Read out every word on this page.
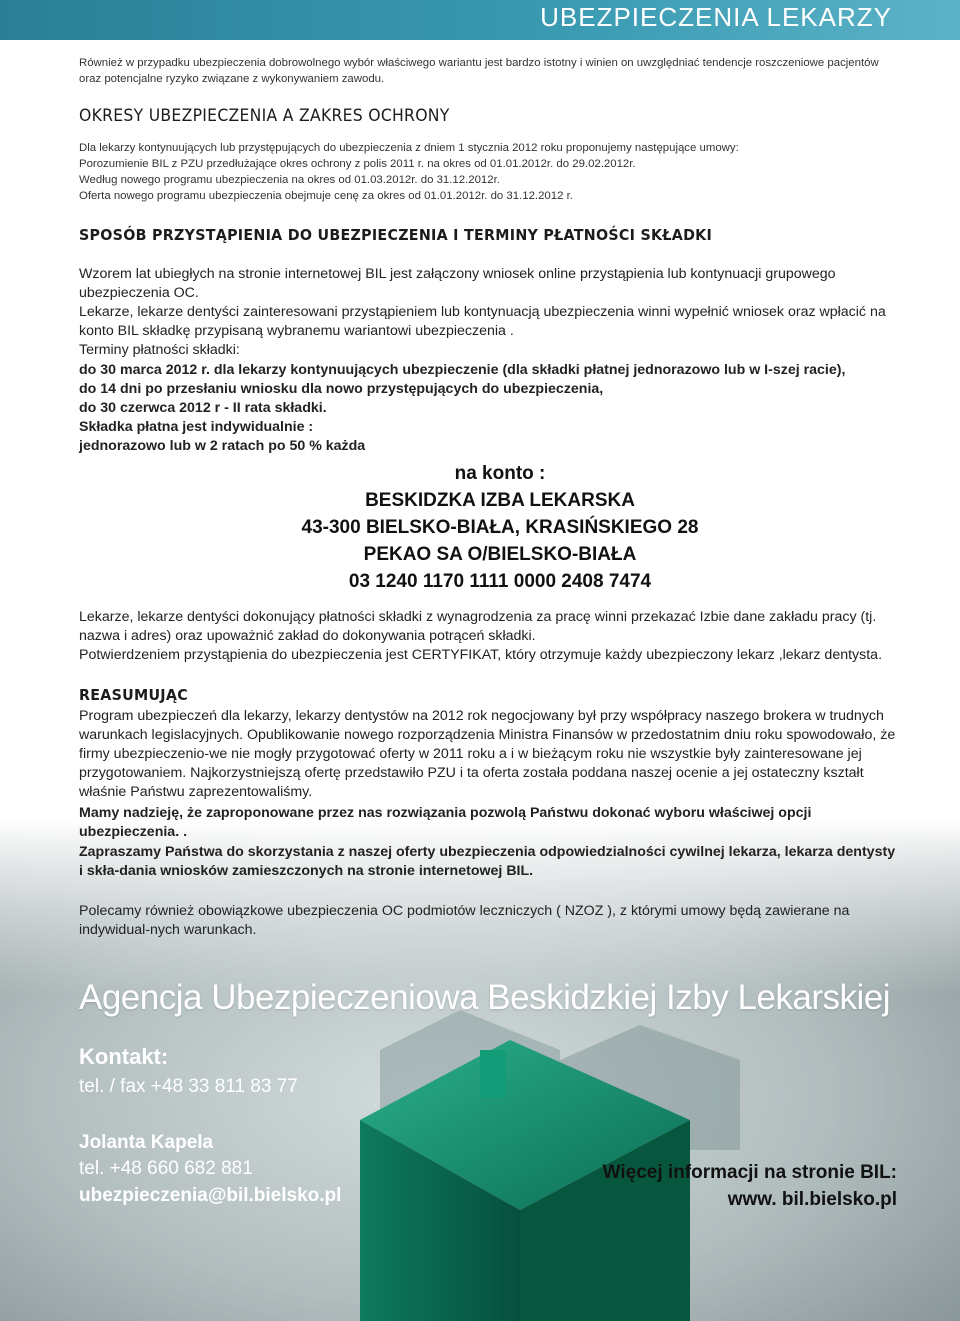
UBEZPIECZENIA LEKARZY
Również w przypadku ubezpieczenia dobrowolnego wybór właściwego wariantu jest bardzo istotny i winien on uwzględniać tendencje roszczeniowe pacjentów oraz potencjalne ryzyko związane z wykonywaniem zawodu.
OKRESY UBEZPIECZENIA A ZAKRES OCHRONY
Dla lekarzy kontynuujących lub przystępujących do ubezpieczenia z dniem 1 stycznia 2012 roku proponujemy następujące umowy:
Porozumienie BIL z PZU przedłużające okres ochrony z polis 2011 r. na okres od 01.01.2012r. do 29.02.2012r.
Według nowego programu ubezpieczenia na okres od 01.03.2012r. do 31.12.2012r.
Oferta nowego programu ubezpieczenia obejmuje cenę za okres od 01.01.2012r. do 31.12.2012 r.
SPOSÓB PRZYSTĄPIENIA DO UBEZPIECZENIA I TERMINY PŁATNOŚCI SKŁADKI
Wzorem lat ubiegłych na stronie internetowej BIL jest załączony wniosek online przystąpienia lub kontynuacji grupowego ubezpieczenia OC.
Lekarze, lekarze dentyści zainteresowani przystąpieniem lub kontynuacją ubezpieczenia winni wypełnić wniosek oraz wpłacić na konto BIL składkę przypisaną wybranemu wariantowi ubezpieczenia .
Terminy płatności składki:
do 30 marca 2012 r. dla lekarzy kontynuujących ubezpieczenie (dla składki płatnej jednorazowo lub w I-szej racie),
do 14 dni po przesłaniu wniosku dla nowo przystępujących do ubezpieczenia,
do 30 czerwca 2012 r - II rata składki.
Składka płatna jest indywidualnie :
jednorazowo lub w 2 ratach po 50 % każda
na konto :
BESKIDZKA IZBA LEKARSKA
43-300 BIELSKO-BIAŁA, KRASIŃSKIEGO 28
PEKAO SA O/BIELSKO-BIAŁA
03 1240 1170 1111 0000 2408 7474
Lekarze, lekarze dentyści dokonujący płatności składki z wynagrodzenia za pracę winni przekazać Izbie dane zakładu pracy (tj. nazwa i adres) oraz upoważnić zakład do dokonywania potrąceń składki.
Potwierdzeniem przystąpienia do ubezpieczenia jest CERTYFIKAT, który otrzymuje każdy ubezpieczony lekarz ,lekarz dentysta.
REASUMUJĄC
Program ubezpieczeń dla lekarzy, lekarzy dentystów na 2012 rok negocjowany był przy współpracy naszego brokera w trudnych warunkach legislacyjnych. Opublikowanie nowego rozporządzenia Ministra Finansów w przedostatnim dniu roku spowodowało, że firmy ubezpieczenio-we nie mogły przygotować oferty w 2011 roku a i w bieżącym roku nie wszystkie były zainteresowane jej przygotowaniem. Najkorzystniejszą ofertę przedstawiło PZU i ta oferta została poddana naszej ocenie a jej ostateczny kształt właśnie Państwu zaprezentowaliśmy.
Mamy nadzieję, że zaproponowane przez nas rozwiązania pozwolą Państwu dokonać wyboru właściwej opcji ubezpieczenia. .
Zapraszamy Państwa do skorzystania z naszej oferty ubezpieczenia odpowiedzialności cywilnej lekarza, lekarza dentysty i skła-dania wniosków zamieszczonych na stronie internetowej BIL.
Polecamy również obowiązkowe ubezpieczenia OC podmiotów leczniczych ( NZOZ ), z którymi umowy będą zawierane na indywidual-nych warunkach.
Agencja Ubezpieczeniowa Beskidzkiej Izby Lekarskiej
Kontakt:
tel. / fax +48 33 811 83 77
Jolanta Kapela
tel. +48 660 682 881
ubezpieczenia@bil.bielsko.pl
Więcej informacji na stronie BIL:
www. bil.bielsko.pl
